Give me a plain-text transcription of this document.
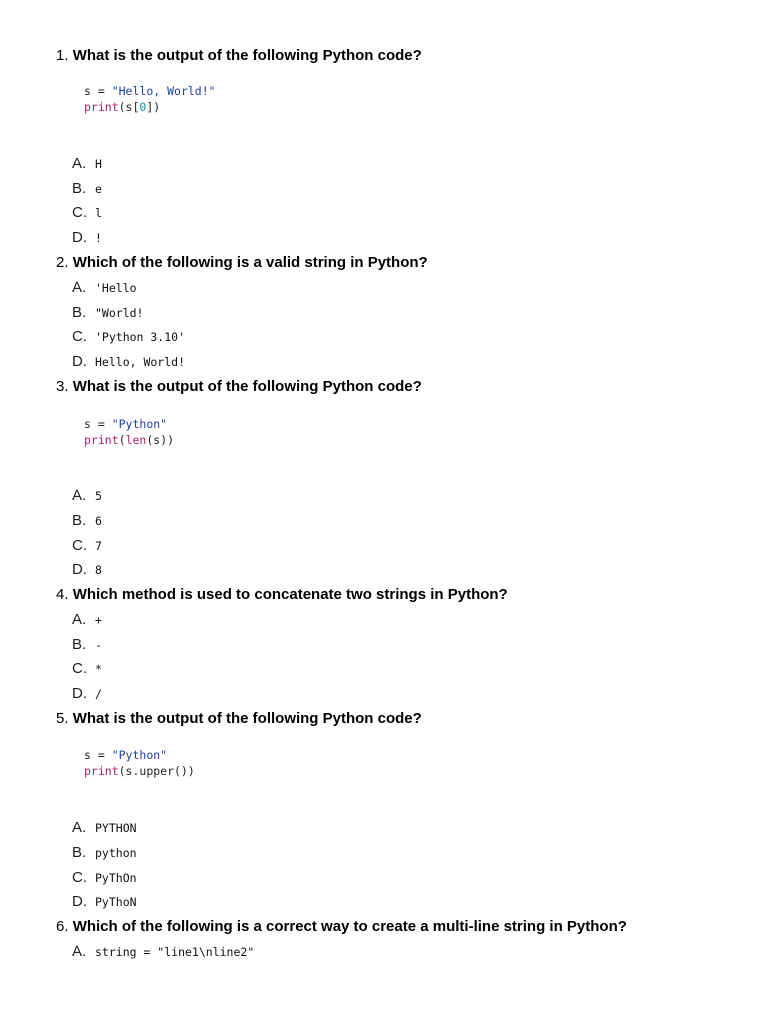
1. What is the output of the following Python code?
s = "Hello, World!"
print(s[0])
A. H
B. e
C. l
D. !
2. Which of the following is a valid string in Python?
A. 'Hello
B. "World!
C. 'Python 3.10'
D. Hello, World!
3. What is the output of the following Python code?
s = "Python"
print(len(s))
A. 5
B. 6
C. 7
D. 8
4. Which method is used to concatenate two strings in Python?
A. +
B. -
C. *
D. /
5. What is the output of the following Python code?
s = "Python"
print(s.upper())
A. PYTHON
B. python
C. PyThOn
D. PyThoN
6. Which of the following is a correct way to create a multi-line string in Python?
A. string = "line1\nline2"
